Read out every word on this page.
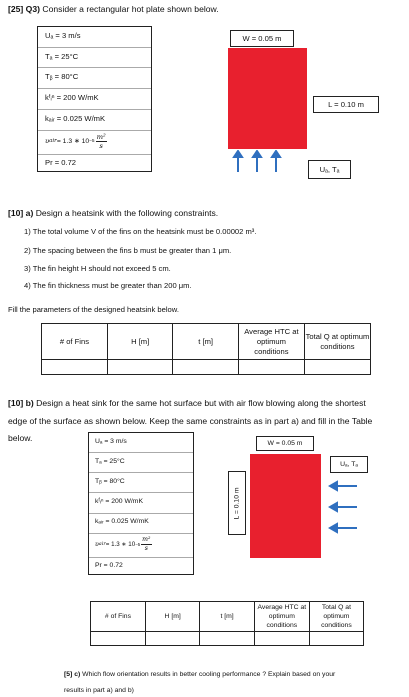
[25] Q3) Consider a rectangular hot plate shown below.
Uₐ = 3 m/s
Tₐ = 25°C
Tᵦ = 80°C
kᶠᵢⁿ = 200 W/mK
kₐᵢᵣ = 0.025 W/mK
υ air = 1.3 ∗ $10 -5 \frac{\text{m²}}{s}$
Pr = 0.72
W = 0.05 m
L = 0.10 m
Uₐ, Tₐ
[10] a) Design a heatsink with the following constraints.
1) The total volume V of the fins on the heatsink must be 0.00002 m³.
2) The spacing between the fins b must be greater than 1 μm.
3) The fin height H should not exceed 5 cm.
4) The fin thickness must be greater than 200 μm.
Fill the parameters of the designed heatsink below.
# of Fins	H [m]	t [m]	Average HTC at optimum conditions	Total Q at optimum conditions

[10] b) Design a heat sink for the same hot surface but with air flow blowing along the shortest
edge of the surface as shown below. Keep the same constraints as in part a) and fill in the Table
below.	Uₐ = 3 m/s
Tₐ = 25°C
Tᵦ = 80°C
kᶠᵢⁿ = 200 W/mK
kₐᵢᵣ = 0.025 W/mK
υ air = 1.3 ∗ $10 -5 \frac{\text{m²}}{s}$
Pr = 0.72
W = 0.05 m
L = 0.10 m
Uₐ, Tₐ
# of Fins	H [m]	t [m]	Average HTC at optimum conditions	Total Q at optimum conditions

[5] c) Which flow orientation results in better cooling performance ? Explain based on your
results in part a) and b)
